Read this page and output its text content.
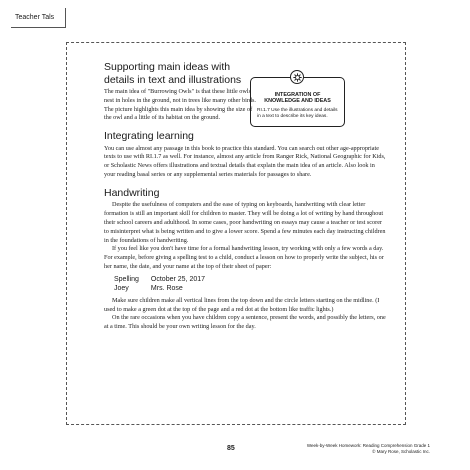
Teacher Tals
Supporting main ideas with details in text and illustrations

The main idea of "Burrowing Owls" is that these little owls nest in holes in the ground, not in trees like many other birds. The picture highlights this main idea by showing the size of the owl and a little of its habitat on the ground.

Integrating learning

You can use almost any passage in this book to practice this standard. You can search out other age-appropriate texts to use with RI.1.7 as well. For instance, almost any article from Ranger Rick, National Geographic for Kids, or Scholastic News offers illustrations and textual details that explain the main idea of an article. Also look in your reading basal series or any supplemental series materials for passages to share.

Handwriting

Despite the usefulness of computers and the ease of typing on keyboards, handwriting with clear letter formation is still an important skill for children to master. They will be doing a lot of writing by hand throughout their school careers and adulthood. In some cases, poor handwriting on essays may cause a teacher or test scorer to misinterpret what is being written and to give a lower score. Spend a few minutes each day instructing children in the foundations of handwriting.

If you feel like you don't have time for a formal handwriting lesson, try working with only a few words a day. For example, before giving a spelling test to a child, conduct a lesson on how to properly write the subject, his or her name, the date, and your name at the top of their sheet of paper:

Spelling	October 25, 2017
Joey	Mrs. Rose

Make sure children make all vertical lines from the top down and the circle letters starting on the midline. (I used to make a green dot at the top of the page and a red dot at the bottom like traffic lights.)

On the rare occasions when you have children copy a sentence, present the words, and possibly the letters, one at a time. This should be your own writing lesson for the day.

INTEGRATION OF KNOWLEDGE AND IDEAS
RI.1.7 Use the illustrations and details in a text to describe its key ideas.
85	Week-by-Week Homework: Reading Comprehension Grade 1
© Mary Rose, Scholastic Inc.
